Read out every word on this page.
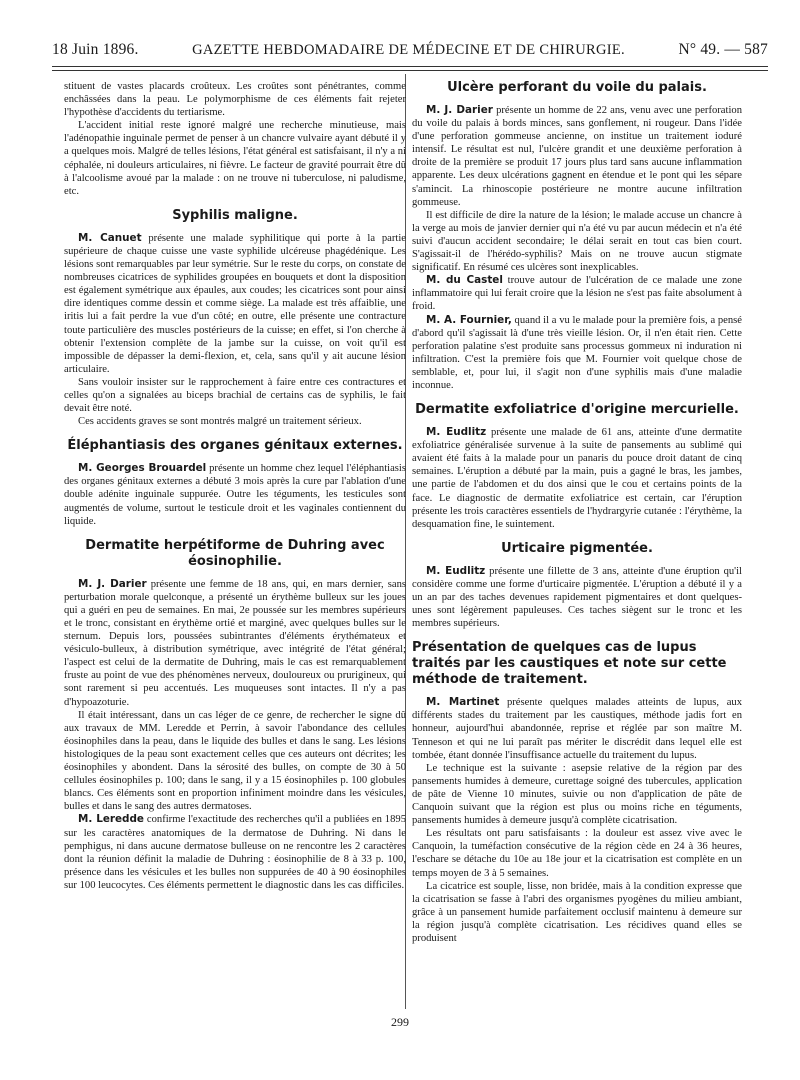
18 Juin 1896.	GAZETTE HEBDOMADAIRE DE MÉDECINE ET DE CHIRURGIE.	N° 49. — 587

stituent de vastes placards croûteux. Les croûtes sont pénétrantes, comme enchâssées dans la peau. Le polymorphisme de ces éléments fait rejeter l'hypothèse d'accidents du tertiarisme.

L'accident initial reste ignoré malgré une recherche minutieuse, mais l'adénopathie inguinale permet de penser à un chancre vulvaire ayant débuté il y a quelques mois. Malgré de telles lésions, l'état général est satisfaisant, il n'y a ni céphalée, ni douleurs articulaires, ni fièvre. Le facteur de gravité pourrait être dû à l'alcoolisme avoué par la malade : on ne trouve ni tuberculose, ni paludisme, etc.

Syphilis maligne.

M. Canuet présente une malade syphilitique qui porte à la partie supérieure de chaque cuisse une vaste syphilide ulcéreuse phagédénique. Les lésions sont remarquables par leur symétrie. Sur le reste du corps, on constate de nombreuses cicatrices de syphilides groupées en bouquets et dont la disposition est également symétrique aux épaules, aux coudes; les cicatrices sont pour ainsi dire identiques comme dessin et comme siège. La malade est très affaiblie, une iritis lui a fait perdre la vue d'un côté; en outre, elle présente une contracture toute particulière des muscles postérieurs de la cuisse; en effet, si l'on cherche à obtenir l'extension complète de la jambe sur la cuisse, on voit qu'il est impossible de dépasser la demi-flexion, et, cela, sans qu'il y ait aucune lésion articulaire.

Sans vouloir insister sur le rapprochement à faire entre ces contractures et celles qu'on a signalées au biceps brachial de certains cas de syphilis, le fait devait être noté.

Ces accidents graves se sont montrés malgré un traitement sérieux.

Éléphantiasis des organes génitaux externes.

M. Georges Brouardel présente un homme chez lequel l'éléphantiasis des organes génitaux externes a débuté 3 mois après la cure par l'ablation d'une double adénite inguinale suppurée. Outre les téguments, les testicules sont augmentés de volume, surtout le testicule droit et les vaginales contiennent du liquide.

Dermatite herpétiforme de Duhring avec éosinophilie.

M. J. Darier présente une femme de 18 ans, qui, en mars dernier, sans perturbation morale quelconque, a présenté un érythème bulleux sur les joues qui a guéri en peu de semaines. En mai, 2e poussée sur les membres supérieurs et le tronc, consistant en érythème ortié et marginé, avec quelques bulles sur le sternum. Depuis lors, poussées subintrantes d'éléments érythémateux et vésiculo-bulleux, à distribution symétrique, avec intégrité de l'état général; l'aspect est celui de la dermatite de Duhring, mais le cas est remarquablement fruste au point de vue des phénomènes nerveux, douloureux ou prurigineux, qui sont rarement si peu accentués. Les muqueuses sont intactes. Il n'y a pas d'hypoazoturie.

Il était intéressant, dans un cas léger de ce genre, de rechercher le signe dû aux travaux de MM. Leredde et Perrin, à savoir l'abondance des cellules éosinophiles dans la peau, dans le liquide des bulles et dans le sang. Les lésions histologiques de la peau sont exactement celles que ces auteurs ont décrites; les éosinophiles y abondent. Dans la sérosité des bulles, on compte de 30 à 50 cellules éosinophiles p. 100; dans le sang, il y a 15 éosinophiles p. 100 globules blancs. Ces éléments sont en proportion infiniment moindre dans les vésicules, bulles et dans le sang des autres dermatoses.

M. Leredde confirme l'exactitude des recherches qu'il a publiées en 1895 sur les caractères anatomiques de la dermatose de Duhring. Ni dans le pemphigus, ni dans aucune dermatose bulleuse on ne rencontre les 2 caractères dont la réunion définit la maladie de Duhring : éosinophilie de 8 à 33 p. 100, présence dans les vésicules et les bulles non suppurées de 40 à 90 éosinophiles sur 100 leucocytes. Ces éléments permettent le diagnostic dans les cas difficiles.

Ulcère perforant du voile du palais.

M. J. Darier présente un homme de 22 ans, venu avec une perforation du voile du palais à bords minces, sans gonflement, ni rougeur. Dans l'idée d'une perforation gommeuse ancienne, on institue un traitement ioduré intensif. Le résultat est nul, l'ulcère grandit et une deuxième perforation à droite de la première se produit 17 jours plus tard sans aucune inflammation apparente. Les deux ulcérations gagnent en étendue et le pont qui les sépare s'amincit. La rhinoscopie postérieure ne montre aucune infiltration gommeuse.

Il est difficile de dire la nature de la lésion; le malade accuse un chancre à la verge au mois de janvier dernier qui n'a été vu par aucun médecin et n'a été suivi d'aucun accident secondaire; le délai serait en tout cas bien court. S'agissait-il de l'hérédo-syphilis? Mais on ne trouve aucun stigmate significatif. En résumé ces ulcères sont inexplicables.

M. du Castel trouve autour de l'ulcération de ce malade une zone inflammatoire qui lui ferait croire que la lésion ne s'est pas faite absolument à froid.

M. A. Fournier, quand il a vu le malade pour la première fois, a pensé d'abord qu'il s'agissait là d'une très vieille lésion. Or, il n'en était rien. Cette perforation palatine s'est produite sans processus gommeux ni induration ni infiltration. C'est la première fois que M. Fournier voit quelque chose de semblable, et, pour lui, il s'agit non d'une syphilis mais d'une maladie inconnue.

Dermatite exfoliatrice d'origine mercurielle.

M. Eudlitz présente une malade de 61 ans, atteinte d'une dermatite exfoliatrice généralisée survenue à la suite de pansements au sublimé qui avaient été faits à la malade pour un panaris du pouce droit datant de cinq semaines. L'éruption a débuté par la main, puis a gagné le bras, les jambes, une partie de l'abdomen et du dos ainsi que le cou et certains points de la face. Le diagnostic de dermatite exfoliatrice est certain, car l'éruption présente les trois caractères essentiels de l'hydrargyrie cutanée : l'érythème, la desquamation fine, le suintement.

Urticaire pigmentée.

M. Eudlitz présente une fillette de 3 ans, atteinte d'une éruption qu'il considère comme une forme d'urticaire pigmentée. L'éruption a débuté il y a un an par des taches devenues rapidement pigmentaires et dont quelques-unes sont légèrement papuleuses. Ces taches siègent sur le tronc et les membres supérieurs.

Présentation de quelques cas de lupus traités par les caustiques et note sur cette méthode de traitement.

M. Martinet présente quelques malades atteints de lupus, aux différents stades du traitement par les caustiques, méthode jadis fort en honneur, aujourd'hui abandonnée, reprise et réglée par son maître M. Tenneson et qui ne lui paraît pas mériter le discrédit dans lequel elle est tombée, étant donnée l'insuffisance actuelle du traitement du lupus.

Le technique est la suivante : asepsie relative de la région par des pansements humides à demeure, curettage soigné des tubercules, application de pâte de Vienne 10 minutes, suivie ou non d'application de pâte de Canquoin suivant que la région est plus ou moins riche en téguments, pansements humides à demeure jusqu'à complète cicatrisation.

Les résultats ont paru satisfaisants : la douleur est assez vive avec le Canquoin, la tuméfaction consécutive de la région cède en 24 à 36 heures, l'eschare se détache du 10e au 18e jour et la cicatrisation est complète en un temps moyen de 3 à 5 semaines.

La cicatrice est souple, lisse, non bridée, mais à la condition expresse que la cicatrisation se fasse à l'abri des organismes pyogènes du milieu ambiant, grâce à un pansement humide parfaitement occlusif maintenu à demeure sur la région jusqu'à complète cicatrisation. Les récidives quand elles se produisent

299
